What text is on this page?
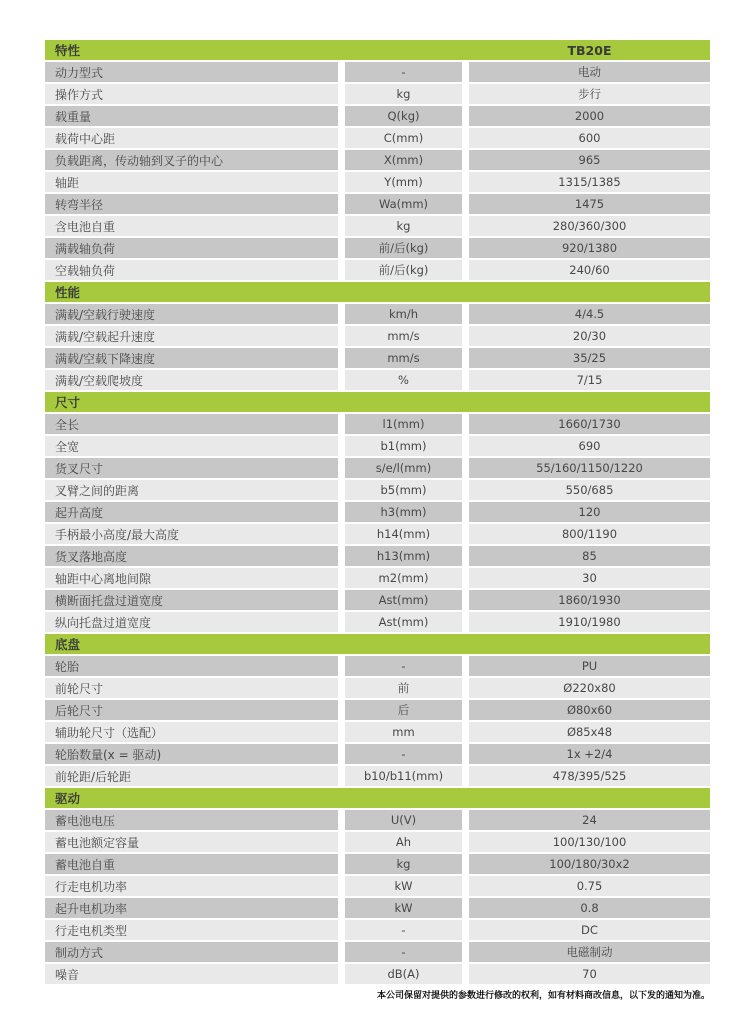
特性	TB20E
动力型式	-	电动
操作方式	kg	步行
载重量	Q(kg)	2000
载荷中心距	C(mm)	600
负载距离，传动轴到叉子的中心	X(mm)	965
轴距	Y(mm)	1315/1385
转弯半径	Wa(mm)	1475
含电池自重	kg	280/360/300
满载轴负荷	前/后(kg)	920/1380
空载轴负荷	前/后(kg)	240/60
性能
满载/空载行驶速度	km/h	4/4.5
满载/空载起升速度	mm/s	20/30
满载/空载下降速度	mm/s	35/25
满载/空载爬坡度	%	7/15
尺寸
全长	l1(mm)	1660/1730
全宽	b1(mm)	690
货叉尺寸	s/e/l(mm)	55/160/1150/1220
叉臂之间的距离	b5(mm)	550/685
起升高度	h3(mm)	120
手柄最小高度/最大高度	h14(mm)	800/1190
货叉落地高度	h13(mm)	85
轴距中心离地间隙	m2(mm)	30
横断面托盘过道宽度	Ast(mm)	1860/1930
纵向托盘过道宽度	Ast(mm)	1910/1980
底盘
轮胎	-	PU
前轮尺寸	前	Ø220x80
后轮尺寸	后	Ø80x60
辅助轮尺寸（选配）	mm	Ø85x48
轮胎数量(x = 驱动)	-	1x +2/4
前轮距/后轮距	b10/b11(mm)	478/395/525
驱动
蓄电池电压	U(V)	24
蓄电池额定容量	Ah	100/130/100
蓄电池自重	kg	100/180/30x2
行走电机功率	kW	0.75
起升电机功率	kW	0.8
行走电机类型	-	DC
制动方式	-	电磁制动
噪音	dB(A)	70
本公司保留对提供的参数进行修改的权利，如有材料商改信息，以下发的通知为准。
